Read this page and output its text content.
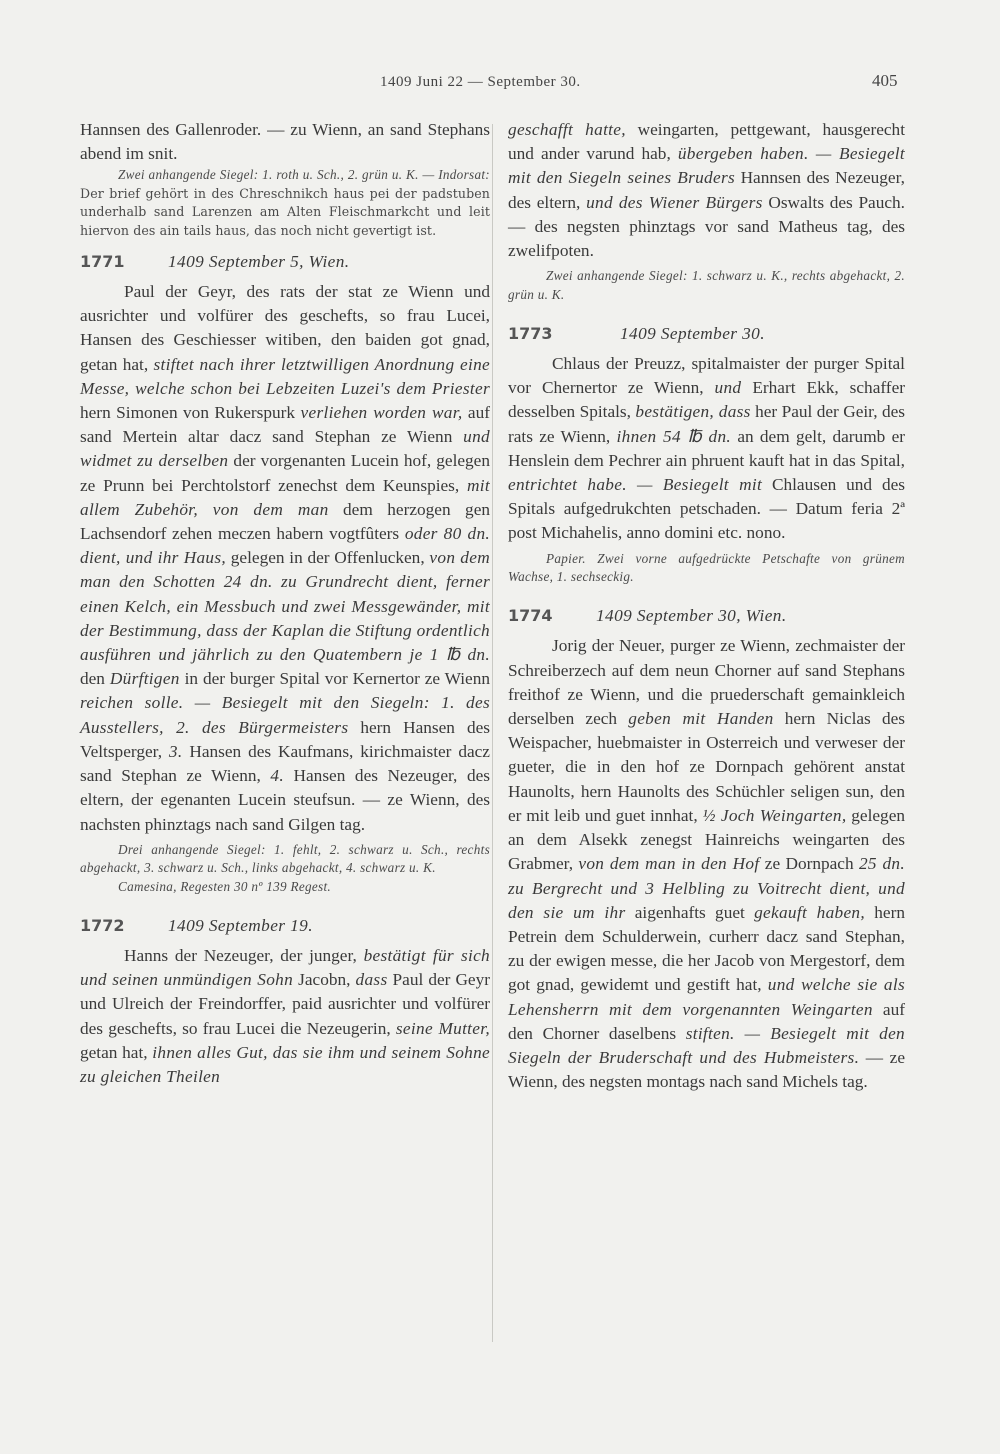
1409 Juni 22 — September 30.	405

Hannsen des Gallenroder. — zu Wienn, an sand Stephans abend im snit.

Zwei anhangende Siegel: 1. roth u. Sch., 2. grün u. K. — Indorsat: Der brief gehört in des Chreschnikch haus pei der padstuben underhalb sand Larenzen am Alten Fleischmarkcht und leit hiervon des ain tails haus, das noch nicht gevertigt ist.

1771	1409 September 5, Wien.

Paul der Geyr, des rats der stat ze Wienn und ausrichter und volfürer des geschefts, so frau Lucei, Hansen des Geschiesser witiben, den baiden got gnad, getan hat, stiftet nach ihrer letztwilligen Anordnung eine Messe, welche schon bei Lebzeiten Luzei's dem Priester hern Simonen von Rukerspurk verliehen worden war, auf sand Mertein altar dacz sand Stephan ze Wienn und widmet zu derselben der vorgenanten Lucein hof, gelegen ze Prunn bei Perchtolstorf zenechst dem Keunspies, mit allem Zubehör, von dem man dem herzogen gen Lachsendorf zehen meczen habern vogtfûters oder 80 dn. dient, und ihr Haus, gelegen in der Offenlucken, von dem man den Schotten 24 dn. zu Grundrecht dient, ferner einen Kelch, ein Messbuch und zwei Messgewänder, mit der Bestimmung, dass der Kaplan die Stiftung ordentlich ausführen und jährlich zu den Quatembern je 1 ℔ dn. den Dürftigen in der burger Spital vor Kernertor ze Wienn reichen solle. — Besiegelt mit den Siegeln: 1. des Ausstellers, 2. des Bürgermeisters hern Hansen des Veltsperger, 3. Hansen des Kaufmans, kirichmaister dacz sand Stephan ze Wienn, 4. Hansen des Nezeuger, des eltern, der egenanten Lucein steufsun. — ze Wienn, des nachsten phinztags nach sand Gilgen tag.

Drei anhangende Siegel: 1. fehlt, 2. schwarz u. Sch., rechts abgehackt, 3. schwarz u. Sch., links abgehackt, 4. schwarz u. K.

Camesina, Regesten 30 nº 139 Regest.

1772	1409 September 19.

Hanns der Nezeuger, der junger, bestätigt für sich und seinen unmündigen Sohn Jacobn, dass Paul der Geyr und Ulreich der Freindorffer, paid ausrichter und volfürer des geschefts, so frau Lucei die Nezeugerin, seine Mutter, getan hat, ihnen alles Gut, das sie ihm und seinem Sohne zu gleichen Theilen

geschafft hatte, weingarten, pettgewant, hausgerecht und ander varund hab, übergeben haben. — Besiegelt mit den Siegeln seines Bruders Hannsen des Nezeuger, des eltern, und des Wiener Bürgers Oswalts des Pauch. — des negsten phinztags vor sand Matheus tag, des zwelifpoten.

Zwei anhangende Siegel: 1. schwarz u. K., rechts abgehackt, 2. grün u. K.

1773	1409 September 30.

Chlaus der Preuzz, spitalmaister der purger Spital vor Chernertor ze Wienn, und Erhart Ekk, schaffer desselben Spitals, bestätigen, dass her Paul der Geir, des rats ze Wienn, ihnen 54 ℔ dn. an dem gelt, darumb er Henslein dem Pechrer ain phruent kauft hat in das Spital, entrichtet habe. — Besiegelt mit Chlausen und des Spitals aufgedrukchten petschaden. — Datum feria 2ª post Michahelis, anno domini etc. nono.

Papier. Zwei vorne aufgedrückte Petschafte von grünem Wachse, 1. sechseckig.

1774	1409 September 30, Wien.

Jorig der Neuer, purger ze Wienn, zechmaister der Schreiberzech auf dem neun Chorner auf sand Stephans freithof ze Wienn, und die pruederschaft gemainkleich derselben zech geben mit Handen hern Niclas des Weispacher, huebmaister in Osterreich und verweser der gueter, die in den hof ze Dornpach gehörent anstat Haunolts, hern Haunolts des Schüchler seligen sun, den er mit leib und guet innhat, ½ Joch Weingarten, gelegen an dem Alsekk zenegst Hainreichs weingarten des Grabmer, von dem man in den Hof ze Dornpach 25 dn. zu Bergrecht und 3 Helbling zu Voitrecht dient, und den sie um ihr aigenhafts guet gekauft haben, hern Petrein dem Schulderwein, curherr dacz sand Stephan, zu der ewigen messe, die her Jacob von Mergestorf, dem got gnad, gewidemt und gestift hat, und welche sie als Lehensherrn mit dem vorgenannten Weingarten auf den Chorner daselbens stiften. — Besiegelt mit den Siegeln der Bruderschaft und des Hubmeisters. — ze Wienn, des negsten montags nach sand Michels tag.
